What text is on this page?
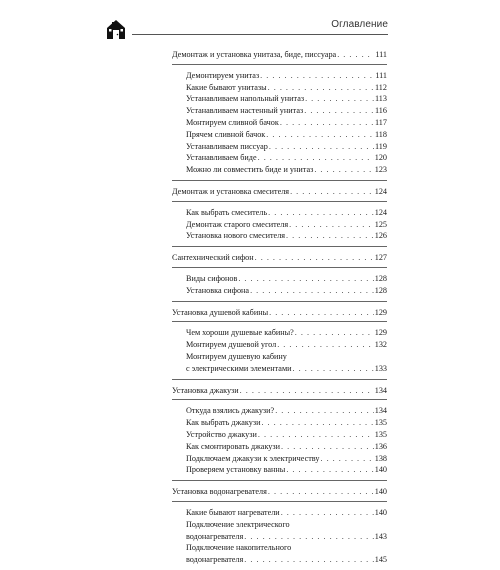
Оглавление
Демонтаж и установка унитаза, биде, писсуара . . .	111
Демонтируем унитаз . . .	111
Какие бывают унитазы . . .	112
Устанавливаем напольный унитаз . . .	113
Устанавливаем настенный унитаз . . .	116
Монтируем сливной бачок . . .	117
Прячем сливной бачок . . .	118
Устанавливаем писсуар . . .	119
Устанавливаем биде . . .	120
Можно ли совместить биде и унитаз . . .	123
Демонтаж и установка смесителя . . .	124
Как выбрать смеситель . . .	124
Демонтаж старого смесителя . . .	125
Установка нового смесителя . . .	126
Сантехнический сифон . . .	127
Виды сифонов . . .	128
Установка сифона . . .	128
Установка душевой кабины . . .	129
Чем хороши душевые кабины? . . .	129
Монтируем душевой угол . . .	132
Монтируем душевую кабину
с электрическими элементами . . .	133
Установка джакузи . . .	134
Откуда взялись джакузи? . . .	134
Как выбрать джакузи . . .	135
Устройство джакузи . . .	135
Как смонтировать джакузи . . .	136
Подключаем джакузи к электричеству . . .	138
Проверяем установку ванны . . .	140
Установка водонагревателя . . .	140
Какие бывают нагреватели . . .	140
Подключение электрического
водонагревателя . . .	143
Подключение накопительного
водонагревателя . . .	145
